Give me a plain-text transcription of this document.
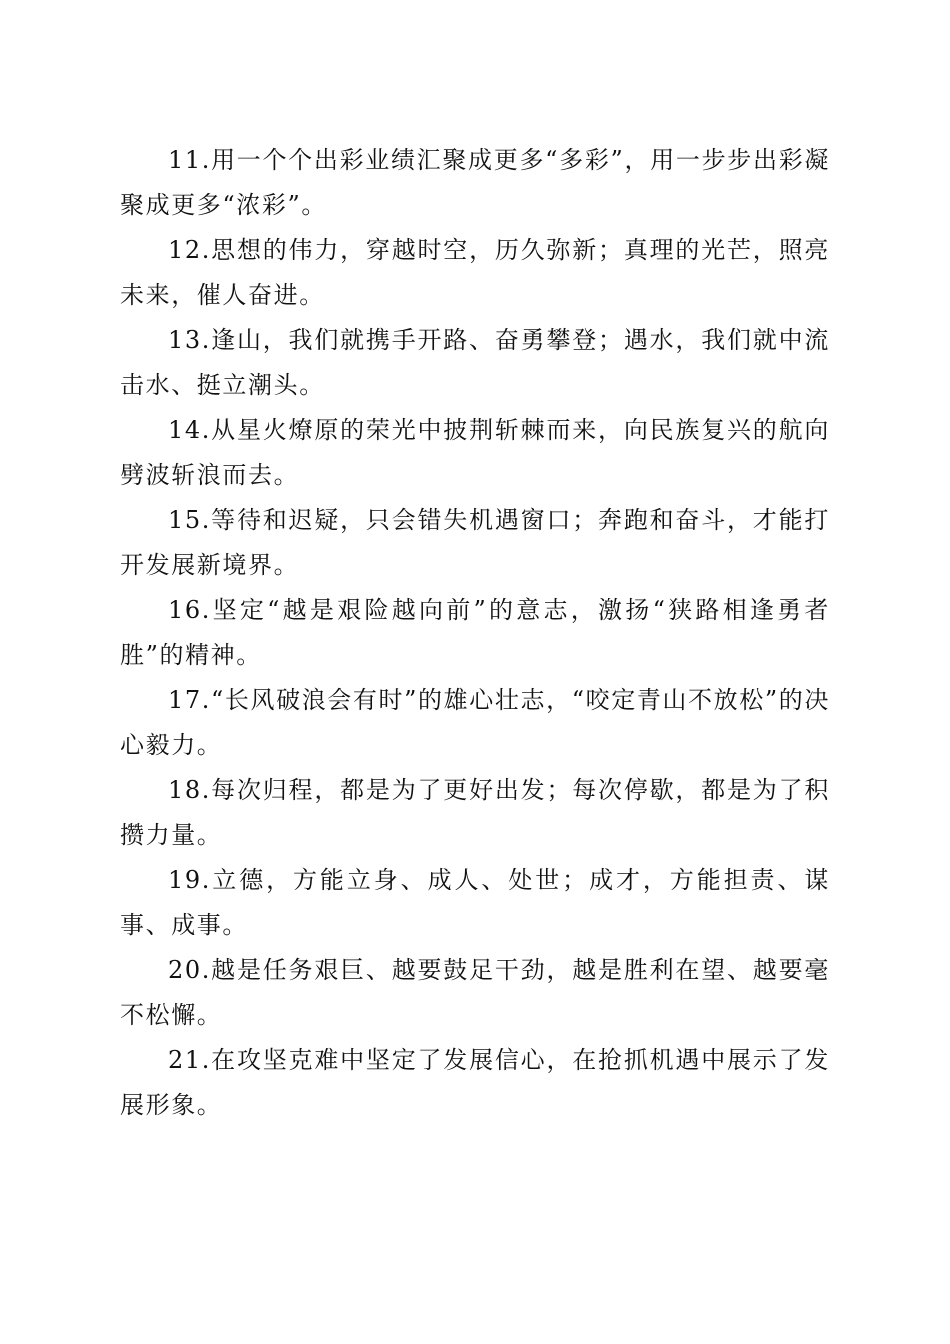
11.用一个个出彩业绩汇聚成更多“多彩”，用一步步出彩凝聚成更多“浓彩”。

12.思想的伟力，穿越时空，历久弥新；真理的光芒，照亮未来，催人奋进。

13.逢山，我们就携手开路、奋勇攀登；遇水，我们就中流击水、挺立潮头。

14.从星火燎原的荣光中披荆斩棘而来，向民族复兴的航向劈波斩浪而去。

15.等待和迟疑，只会错失机遇窗口；奔跑和奋斗，才能打开发展新境界。

16.坚定“越是艰险越向前”的意志，激扬“狭路相逢勇者胜”的精神。

17.“长风破浪会有时”的雄心壮志，“咬定青山不放松”的决心毅力。

18.每次归程，都是为了更好出发；每次停歇，都是为了积攒力量。

19.立德，方能立身、成人、处世；成才，方能担责、谋事、成事。

20.越是任务艰巨、越要鼓足干劲，越是胜利在望、越要毫不松懈。

21.在攻坚克难中坚定了发展信心，在抢抓机遇中展示了发展形象。
